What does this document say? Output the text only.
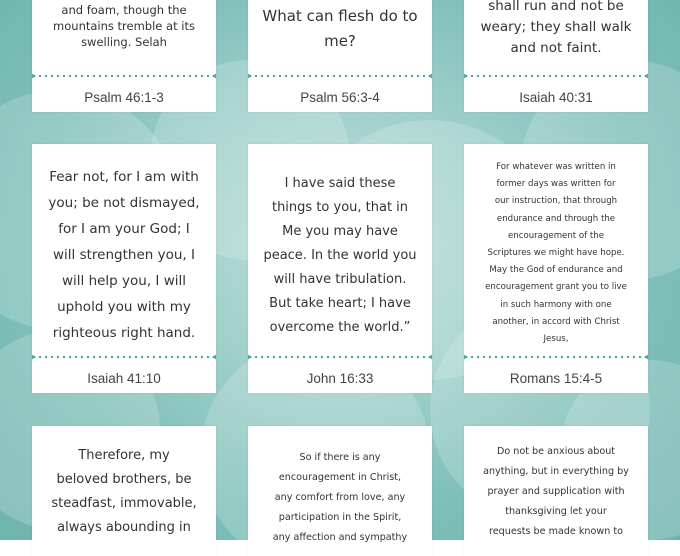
and foam, though the
mountains tremble at its
swelling. Selah
Psalm 46:1-3
What can flesh do to
me?
Psalm 56:3-4
shall run and not be
weary; they shall walk
and not faint.
Isaiah 40:31
Fear not, for I am with
you; be not dismayed,
for I am your God; I
will strengthen you, I
will help you, I will
uphold you with my
righteous right hand.
Isaiah 41:10
I have said these
things to you, that in
Me you may have
peace. In the world you
will have tribulation.
But take heart; I have
overcome the world.”
John 16:33
For whatever was written in
former days was written for
our instruction, that through
endurance and through the
encouragement of the
Scriptures we might have hope.
May the God of endurance and
encouragement grant you to live
in such harmony with one
another, in accord with Christ
Jesus,
Romans 15:4-5
Therefore, my
beloved brothers, be
steadfast, immovable,
always abounding in
So if there is any
encouragement in Christ,
any comfort from love, any
participation in the Spirit,
any affection and sympathy
Do not be anxious about
anything, but in everything by
prayer and supplication with
thanksgiving let your
requests be made known to
